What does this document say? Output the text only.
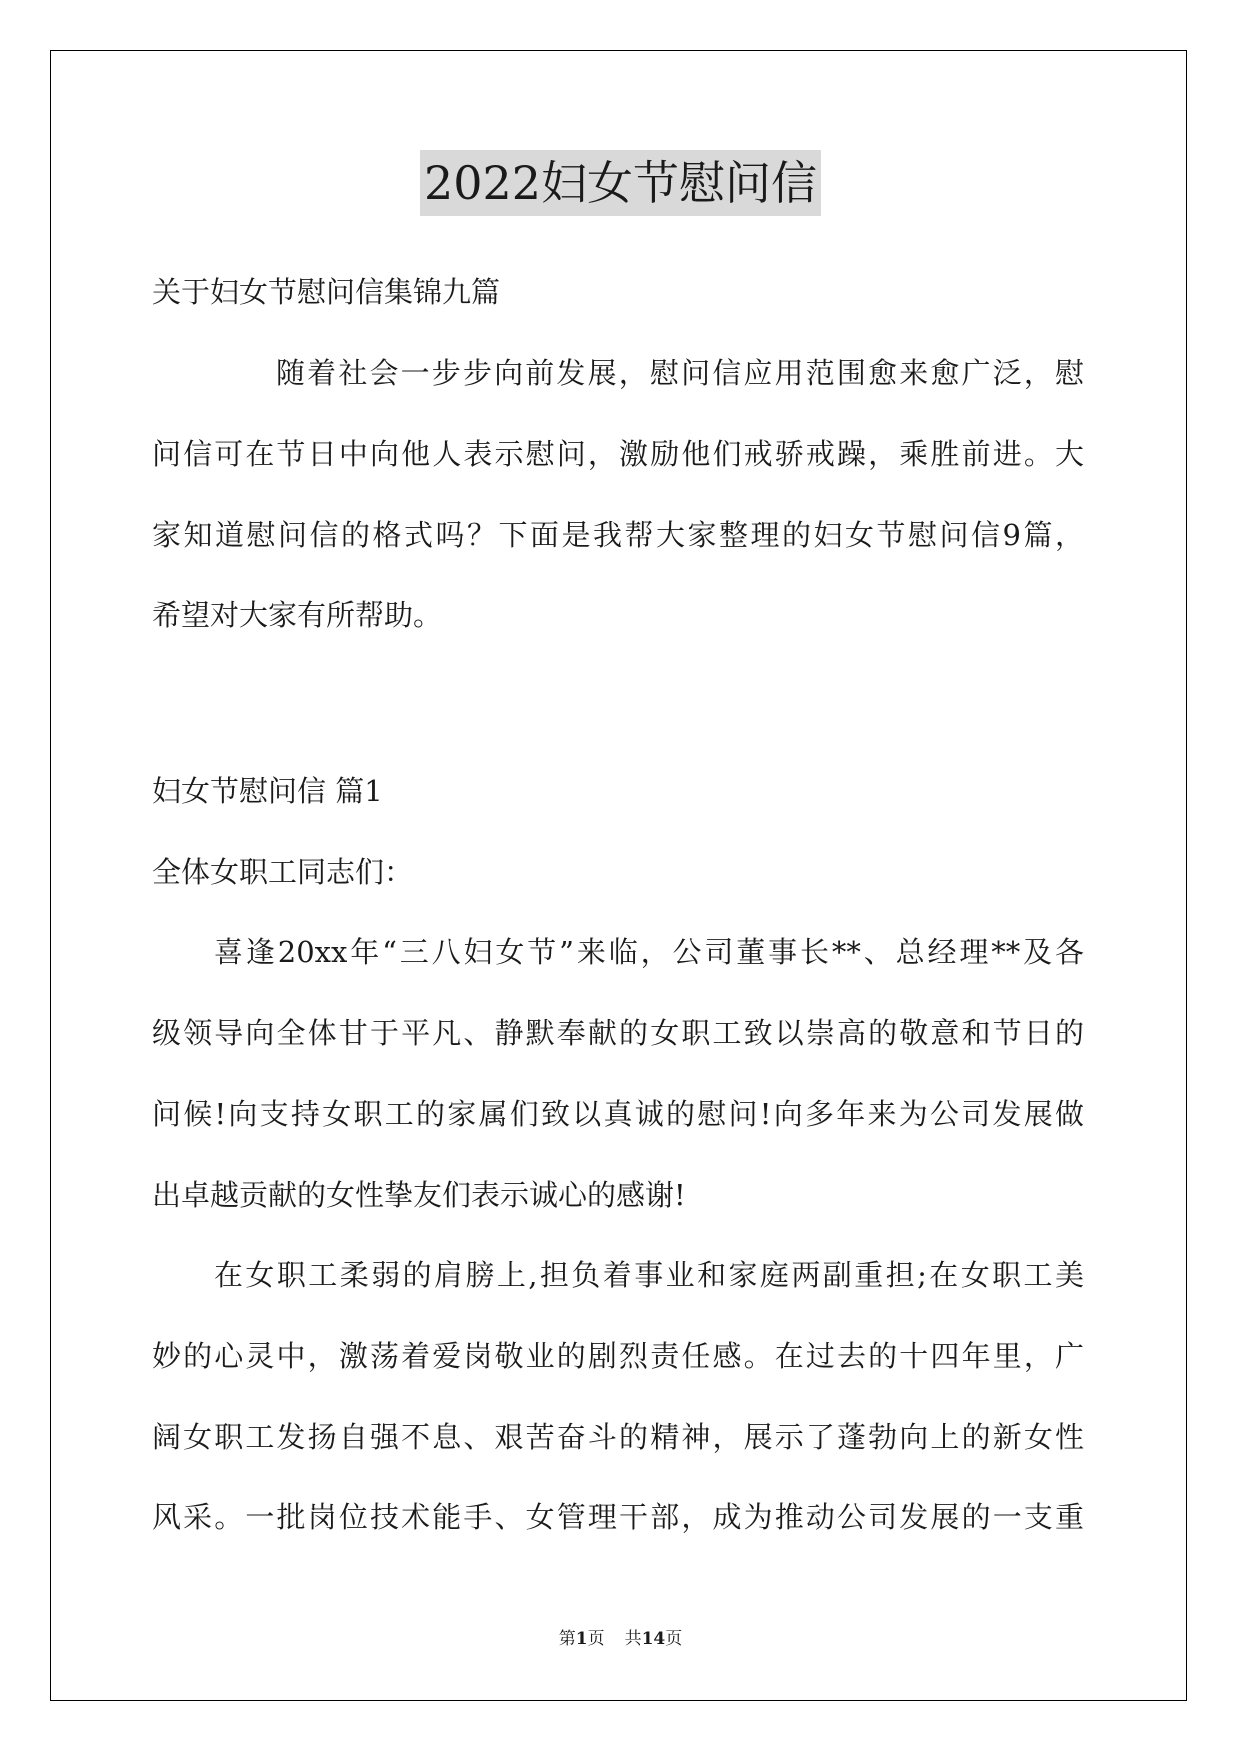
2022妇女节慰问信
关于妇女节慰问信集锦九篇
随着社会一步步向前发展，慰问信应用范围愈来愈广泛，慰
问信可在节日中向他人表示慰问，激励他们戒骄戒躁，乘胜前进。大
家知道慰问信的格式吗？下面是我帮大家整理的妇女节慰问信9篇，
希望对大家有所帮助。
妇女节慰问信 篇1
全体女职工同志们：
喜逢20xx年“三八妇女节”来临，公司董事长**、总经理**及各
级领导向全体甘于平凡、静默奉献的女职工致以崇高的敬意和节日的
问候!向支持女职工的家属们致以真诚的慰问!向多年来为公司发展做
出卓越贡献的女性挚友们表示诚心的感谢!
在女职工柔弱的肩膀上,担负着事业和家庭两副重担;在女职工美
妙的心灵中，激荡着爱岗敬业的剧烈责任感。在过去的十四年里，广
阔女职工发扬自强不息、艰苦奋斗的精神，展示了蓬勃向上的新女性
风采。一批岗位技术能手、女管理干部，成为推动公司发展的一支重
第1页 共14页
